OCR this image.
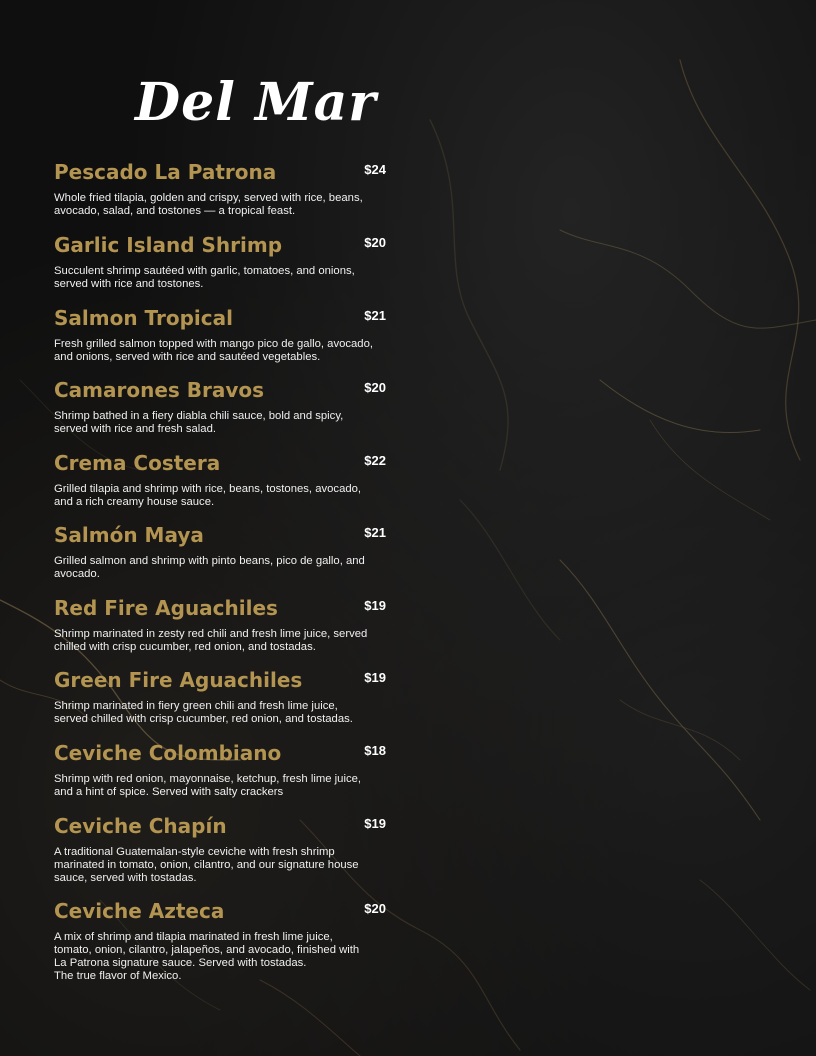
Del Mar
Pescado La Patrona	$24
Whole fried tilapia, golden and crispy, served with rice, beans,
avocado, salad, and tostones — a tropical feast.
Garlic Island Shrimp	$20
Succulent shrimp sautéed with garlic, tomatoes, and onions,
served with rice and tostones.
Salmon Tropical	$21
Fresh grilled salmon topped with mango pico de gallo, avocado,
and onions, served with rice and sautéed vegetables.
Camarones Bravos	$20
Shrimp bathed in a fiery diabla chili sauce, bold and spicy,
served with rice and fresh salad.
Crema Costera	$22
Grilled tilapia and shrimp with rice, beans, tostones, avocado,
and a rich creamy house sauce.
Salmón Maya	$21
Grilled salmon and shrimp with pinto beans, pico de gallo, and
avocado.
Red Fire Aguachiles	$19
Shrimp marinated in zesty red chili and fresh lime juice, served
chilled with crisp cucumber, red onion, and tostadas.
Green Fire Aguachiles	$19
Shrimp marinated in fiery green chili and fresh lime juice,
served chilled with crisp cucumber, red onion, and tostadas.
Ceviche Colombiano	$18
Shrimp with red onion, mayonnaise, ketchup, fresh lime juice,
and a hint of spice. Served with salty crackers
Ceviche Chapín	$19
A traditional Guatemalan-style ceviche with fresh shrimp
marinated in tomato, onion, cilantro, and our signature house
sauce, served with tostadas.
Ceviche Azteca	$20
A mix of shrimp and tilapia marinated in fresh lime juice,
tomato, onion, cilantro, jalapeños, and avocado, finished with
La Patrona signature sauce. Served with tostadas.
The true flavor of Mexico.
